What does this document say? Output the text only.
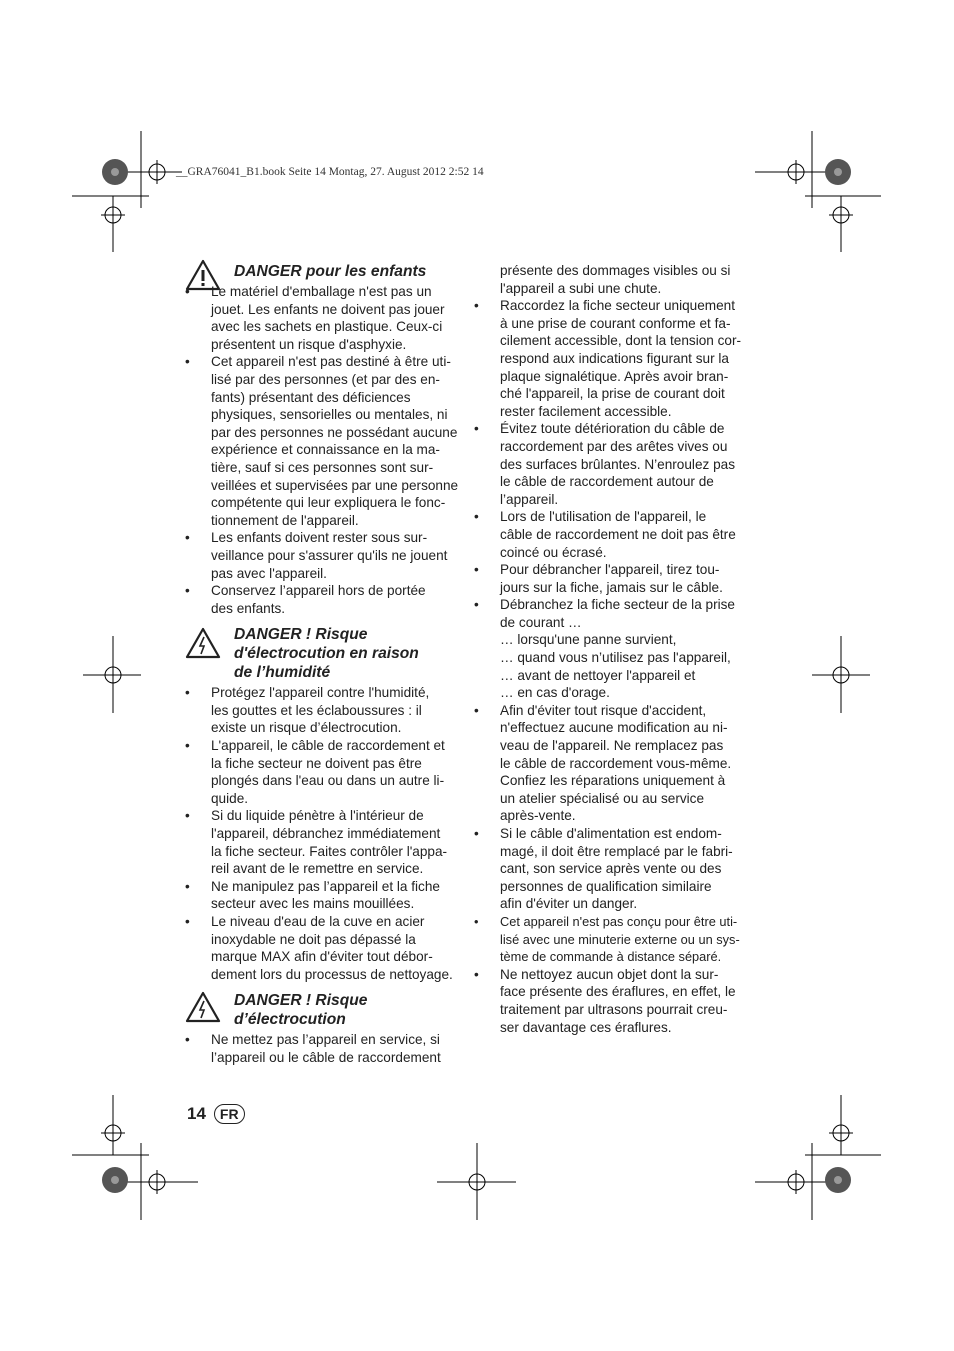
__GRA76041_B1.book Seite 14 Montag, 27. August 2012 2:52 14
DANGER pour les enfants
• Le matériel d'emballage n'est pas un
jouet. Les enfants ne doivent pas jouer
avec les sachets en plastique. Ceux-ci
présentent un risque d'asphyxie.
• Cet appareil n'est pas destiné à être uti-
lisé par des personnes (et par des en-
fants) présentant des déficiences
physiques, sensorielles ou mentales, ni
par des personnes ne possédant aucune
expérience et connaissance en la ma-
tière, sauf si ces personnes sont sur-
veillées et supervisées par une personne
compétente qui leur expliquera le fonc-
tionnement de l'appareil.
• Les enfants doivent rester sous sur-
veillance pour s'assurer qu'ils ne jouent
pas avec l'appareil.
• Conservez l’appareil hors de portée
des enfants.
DANGER ! Risque
d'électrocution en raison
de l’humidité
• Protégez l'appareil contre l'humidité,
les gouttes et les éclaboussures : il
existe un risque d’électrocution.
• L'appareil, le câble de raccordement et
la fiche secteur ne doivent pas être
plongés dans l'eau ou dans un autre li-
quide.
• Si du liquide pénètre à l'intérieur de
l'appareil, débranchez immédiatement
la fiche secteur. Faites contrôler l'appa-
reil avant de le remettre en service.
• Ne manipulez pas l’appareil et la fiche
secteur avec les mains mouillées.
• Le niveau d'eau de la cuve en acier
inoxydable ne doit pas dépassé la
marque MAX afin d'éviter tout débor-
dement lors du processus de nettoyage.
DANGER ! Risque
d’électrocution
• Ne mettez pas l’appareil en service, si
l’appareil ou le câble de raccordement
présente des dommages visibles ou si
l'appareil a subi une chute.
• Raccordez la fiche secteur uniquement
à une prise de courant conforme et fa-
cilement accessible, dont la tension cor-
respond aux indications figurant sur la
plaque signalétique. Après avoir bran-
ché l'appareil, la prise de courant doit
rester facilement accessible.
• Évitez toute détérioration du câble de
raccordement par des arêtes vives ou
des surfaces brûlantes. N’enroulez pas
le câble de raccordement autour de
l’appareil.
• Lors de l'utilisation de l'appareil, le
câble de raccordement ne doit pas être
coincé ou écrasé.
• Pour débrancher l'appareil, tirez tou-
jours sur la fiche, jamais sur le câble.
• Débranchez la fiche secteur de la prise
de courant …
… lorsqu'une panne survient,
… quand vous n’utilisez pas l'appareil,
… avant de nettoyer l'appareil et
… en cas d'orage.
• Afin d'éviter tout risque d'accident,
n'effectuez aucune modification au ni-
veau de l'appareil. Ne remplacez pas
le câble de raccordement vous-même.
Confiez les réparations uniquement à
un atelier spécialisé ou au service
après-vente.
• Si le câble d'alimentation est endom-
magé, il doit être remplacé par le fabri-
cant, son service après vente ou des
personnes de qualification similaire
afin d'éviter un danger.
• Cet appareil n'est pas conçu pour être uti-
lisé avec une minuterie externe ou un sys-
tème de commande à distance séparé.
• Ne nettoyez aucun objet dont la sur-
face présente des éraflures, en effet, le
traitement par ultrasons pourrait creu-
ser davantage ces éraflures.
14	FR
